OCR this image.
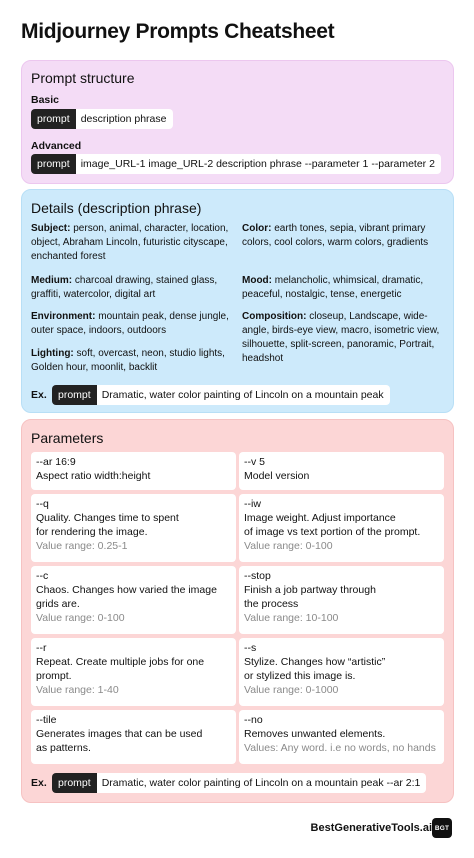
Midjourney Prompts Cheatsheet
Prompt structure
Basic
prompt	description phrase
Advanced
prompt	image_URL-1 image_URL-2 description phrase --parameter 1 --parameter 2
Details (description phrase)
Subject: person, animal, character, location, object, Abraham Lincoln, futuristic cityscape, enchanted forest
Color: earth tones, sepia, vibrant primary colors, cool colors, warm colors, gradients
Medium: charcoal drawing, stained glass, graffiti, watercolor, digital art
Mood: melancholic, whimsical, dramatic, peaceful, nostalgic, tense, energetic
Environment: mountain peak, dense jungle, outer space, indoors, outdoors
Composition: closeup, Landscape, wide-angle, birds-eye view, macro, isometric view, silhouette, split-screen, panoramic, Portrait, headshot
Lighting: soft, overcast, neon, studio lights, Golden hour, moonlit, backlit
Ex.	prompt	Dramatic, water color painting of Lincoln on a mountain peak
Parameters
--ar 16:9
Aspect ratio width:height
--v 5
Model version
--q
Quality. Changes time to spent
for rendering the image.
Value range: 0.25-1
--iw
Image weight. Adjust importance
of image vs text portion of the prompt.
Value range: 0-100
--c
Chaos. Changes how varied the image grids are.
Value range: 0-100
--stop
Finish a job partway through
the process
Value range: 10-100
--r
Repeat. Create multiple jobs for one prompt.
Value range: 1-40
--s
Stylize. Changes how “artistic”
or stylized this image is.
Value range: 0-1000
--tile
Generates images that can be used
as patterns.
--no
Removes unwanted elements.
Values: Any word. i.e no words, no hands
Ex.	prompt	Dramatic, water color painting of Lincoln on a mountain peak --ar 2:1
BestGenerativeTools.ai BGT
